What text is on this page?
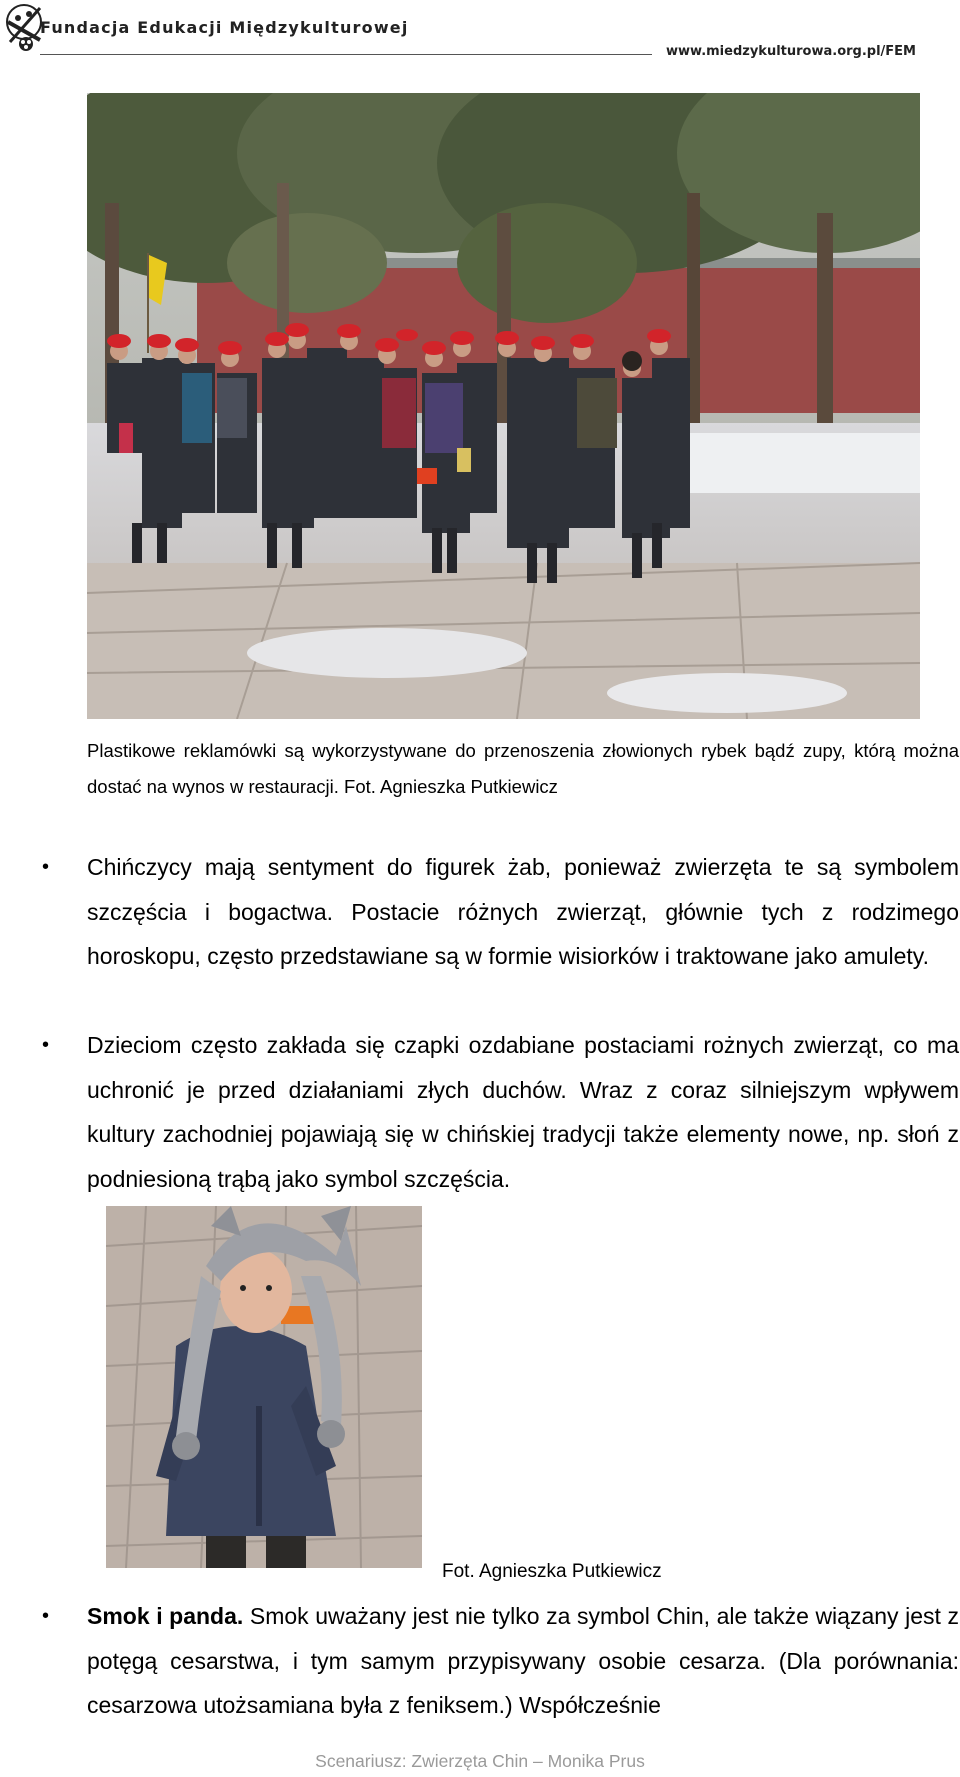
Fundacja Edukacji Międzykulturowej
www.miedzykulturowa.org.pl/FEM
Plastikowe reklamówki są wykorzystywane do przenoszenia złowionych rybek bądź zupy, którą można dostać na wynos w restauracji. Fot. Agnieszka Putkiewicz
• Chińczycy mają sentyment do figurek żab, ponieważ zwierzęta te są symbolem szczęścia i bogactwa. Postacie różnych zwierząt, głównie tych z rodzimego horoskopu, często przedstawiane są w formie wisiorków i traktowane jako amulety.
• Dzieciom często zakłada się czapki ozdabiane postaciami rożnych zwierząt, co ma uchronić je przed działaniami złych duchów. Wraz z coraz silniejszym wpływem kultury zachodniej pojawiają się w chińskiej tradycji także elementy nowe, np. słoń z podniesioną trąbą jako symbol szczęścia.
Fot. Agnieszka Putkiewicz
• Smok i panda. Smok uważany jest nie tylko za symbol Chin, ale także wiązany jest z potęgą cesarstwa, i tym samym przypisywany osobie cesarza. (Dla porównania: cesarzowa utożsamiana była z feniksem.) Współcześnie
Scenariusz: Zwierzęta Chin – Monika Prus
